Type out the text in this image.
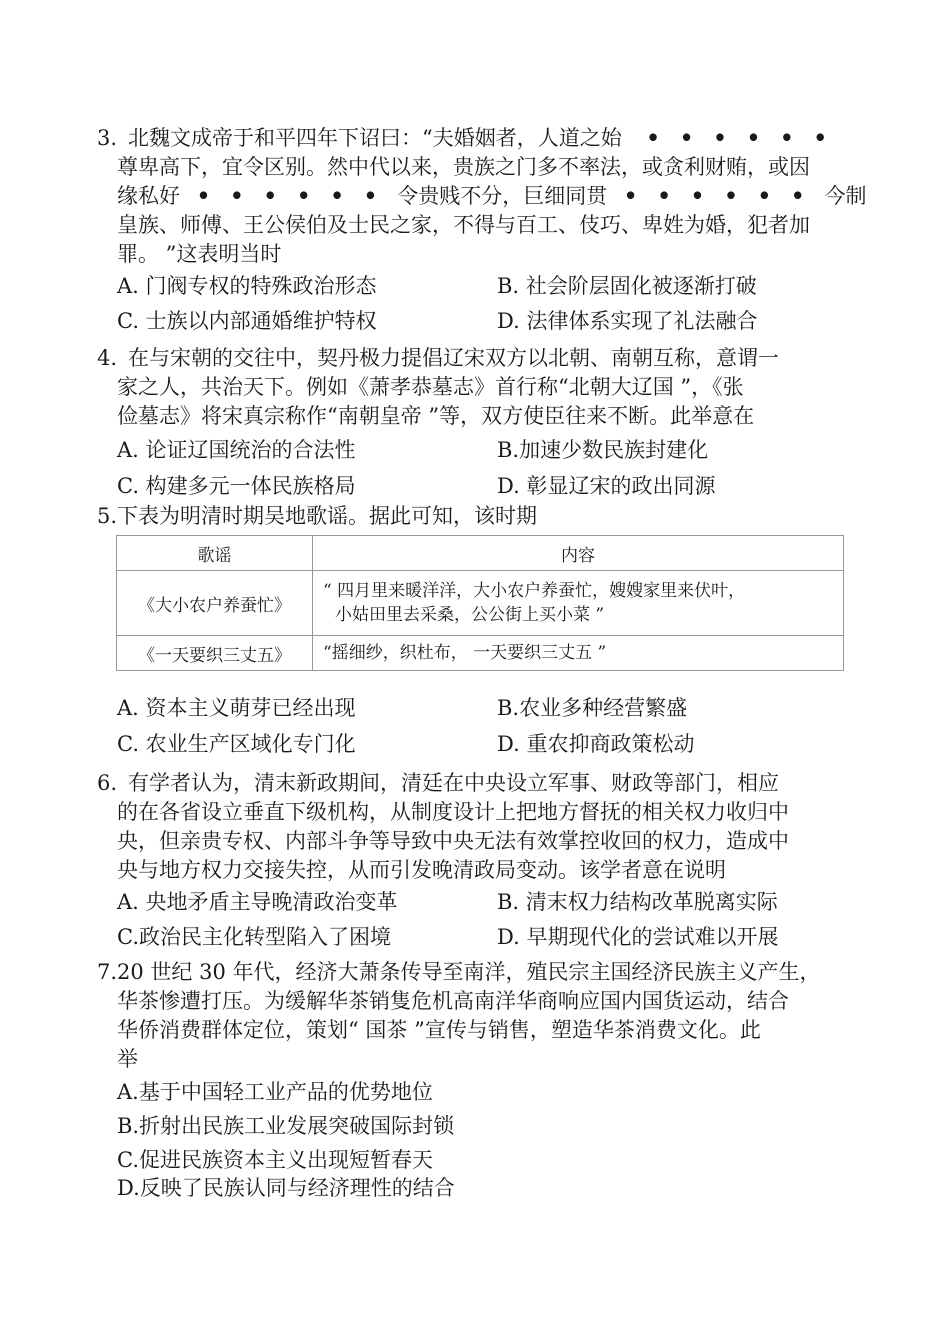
3. 北魏文成帝于和平四年下诏曰：“夫婚姻者，人道之始 ••••••
尊卑高下，宜令区别。然中代以来，贵族之门多不率法，或贪利财贿，或因
缘私好 ••••••令贵贱不分，巨细同贯 ••••••今制
皇族、师傅、王公侯伯及士民之家，不得与百工、伎巧、卑姓为婚，犯者加
罪。 ”这表明当时
A. 门阀专权的特殊政治形态	B. 社会阶层固化被逐渐打破
C. 士族以内部通婚维护特权	D. 法律体系实现了礼法融合
4. 在与宋朝的交往中，契丹极力提倡辽宋双方以北朝、南朝互称，意谓一
家之人，共治天下。例如《萧孝恭墓志》首行称“北朝大辽国 ”，《张
俭墓志》将宋真宗称作“南朝皇帝 ”等，双方使臣往来不断。此举意在
A. 论证辽国统治的合法性	B.加速少数民族封建化
C. 构建多元一体民族格局	D. 彰显辽宋的政出同源
5.下表为明清时期吴地歌谣。据此可知，该时期
歌谣	内容
《大小农户养蚕忙》	“ 四月里来暖洋洋，大小农户养蚕忙，嫂嫂家里来伏叶，
小姑田里去采桑，公公街上买小菜 ”

《一天要织三丈五》	“摇细纱，织杜布， 一天要织三丈五 ”
A. 资本主义萌芽已经出现	B.农业多种经营繁盛
C. 农业生产区域化专门化	D. 重农抑商政策松动
6. 有学者认为，清末新政期间，清廷在中央设立军事、财政等部门，相应
的在各省设立垂直下级机构，从制度设计上把地方督抚的相关权力收归中
央，但亲贵专权、内部斗争等导致中央无法有效掌控收回的权力，造成中
央与地方权力交接失控，从而引发晚清政局变动。该学者意在说明
A. 央地矛盾主导晚清政治变革	B. 清末权力结构改革脱离实际
C.政治民主化转型陷入了困境	D. 早期现代化的尝试难以开展
7.20 世纪 30 年代，经济大萧条传导至南洋，殖民宗主国经济民族主义产生，
华茶惨遭打压。为缓解华茶销隻危机高南洋华商响应国内国货运动，结合
华侨消费群体定位，策划“ 国茶 ”宣传与销售，塑造华茶消费文化。此
举
A.基于中国轻工业产品的优势地位
B.折射出民族工业发展突破国际封锁
C.促进民族资本主义出现短暂春天
D.反映了民族认同与经济理性的结合
